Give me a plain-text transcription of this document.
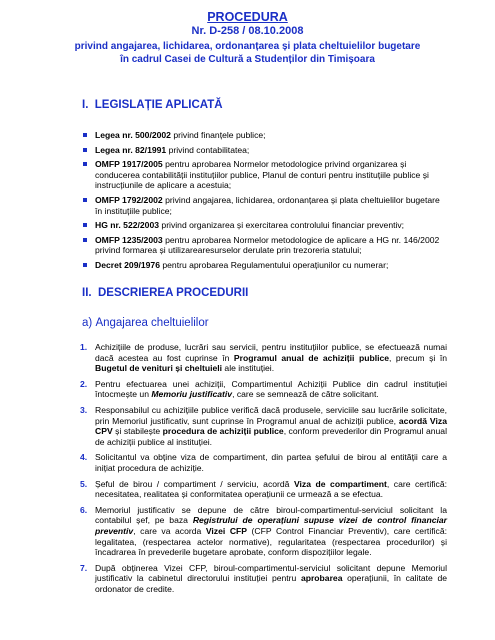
PROCEDURA
Nr. D-258 / 08.10.2008
privind angajarea, lichidarea, ordonanțarea și plata cheltuielilor bugetare
în cadrul Casei de Cultură a Studenților din Timișoara
I. LEGISLAȚIE APLICATĂ
Legea nr. 500/2002 privind finanțele publice;
Legea nr. 82/1991 privind contabilitatea;
OMFP 1917/2005 pentru aprobarea Normelor metodologice privind organizarea și conducerea contabilității instituțiilor publice, Planul de conturi pentru instituțiile publice și instrucțiunile de aplicare a acestuia;
OMFP 1792/2002 privind angajarea, lichidarea, ordonanțarea și plata cheltuielilor bugetare în instituțiile publice;
HG nr. 522/2003 privind organizarea și exercitarea controlului financiar preventiv;
OMFP 1235/2003 pentru aprobarea Normelor metodologice de aplicare a HG nr. 146/2002 privind formarea și utilizarearesurselor derulate prin trezoreria statului;
Decret 209/1976 pentru aprobarea Regulamentului operațiunilor cu numerar;
II. DESCRIEREA PROCEDURII
a) Angajarea cheltuielilor
1. Achizițiile de produse, lucrări sau servicii, pentru instituțiilor publice, se efectuează numai dacă acestea au fost cuprinse în Programul anual de achiziții publice, precum și în Bugetul de venituri și cheltuieli ale instituției.
2. Pentru efectuarea unei achiziții, Compartimentul Achiziții Publice din cadrul instituției întocmește un Memoriu justificativ, care se semnează de către solicitant.
3. Responsabilul cu achizițiile publice verifică dacă produsele, serviciile sau lucrările solicitate, prin Memoriul justificativ, sunt cuprinse în Programul anual de achiziții publice, acordă Viza CPV și stabilește procedura de achiziții publice, conform prevederilor din Programul anual de achiziții publice al instituției.
4. Solicitantul va obține viza de compartiment, din partea șefului de birou al entității care a inițiat procedura de achiziție.
5. Șeful de birou / compartiment / serviciu, acordă Viza de compartiment, care certifică: necesitatea, realitatea și conformitatea operațiunii ce urmează a se efectua.
6. Memoriul justificativ se depune de către biroul-compartimentul-serviciul solicitant la contabilul șef, pe baza Registrului de operațiuni supuse vizei de control financiar preventiv, care va acorda Vizei CFP (CFP Control Financiar Preventiv), care certifică: legalitatea, (respectarea actelor normative), regularitatea (respectarea procedurilor) și încadrarea în prevederile bugetare aprobate, conform dispozițiilor legale.
7. După obținerea Vizei CFP, biroul-compartimentul-serviciul solicitant depune Memoriul justificativ la cabinetul directorului instituției pentru aprobarea operațiunii, în calitate de ordonator de credite.
